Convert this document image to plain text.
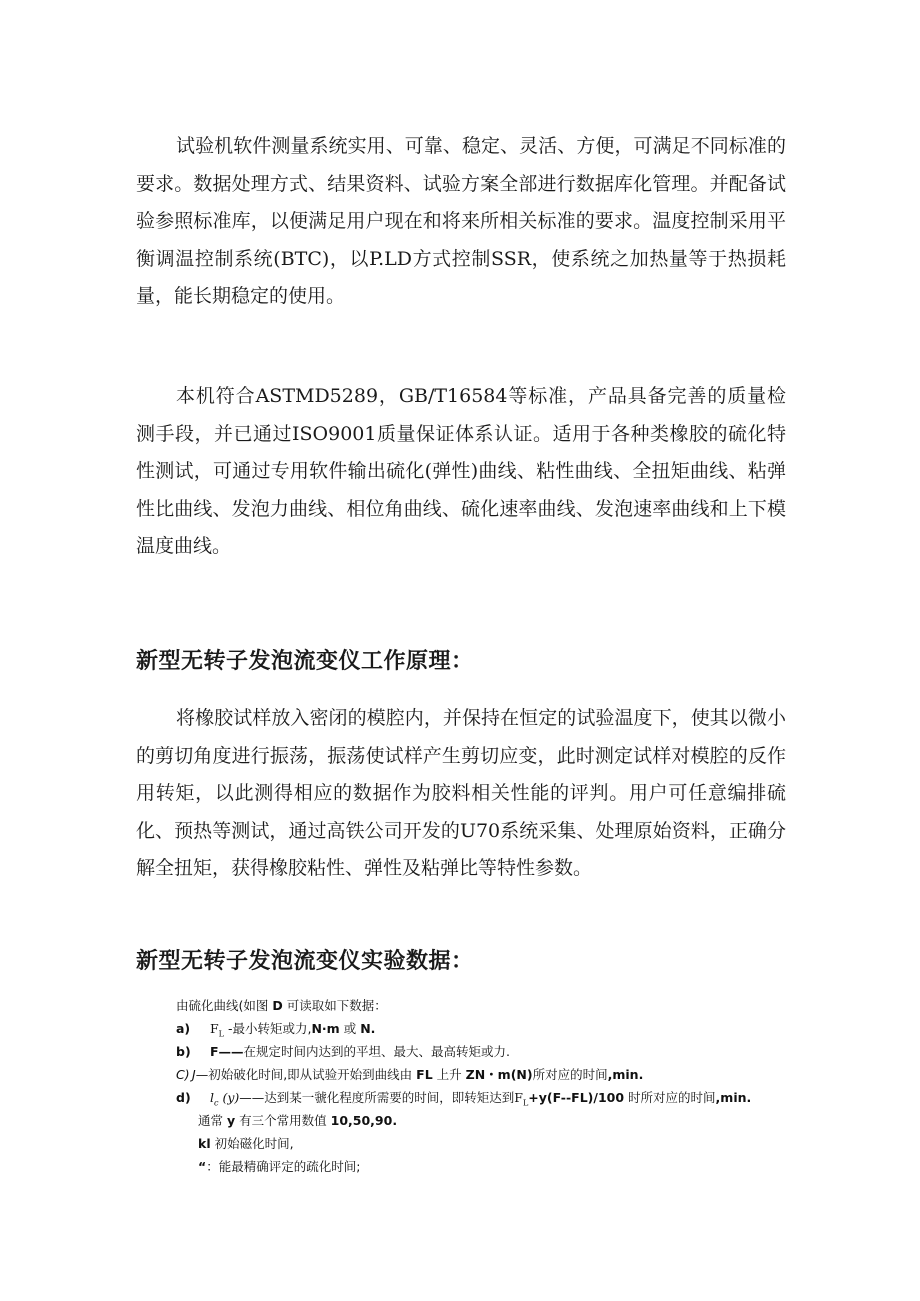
试验机软件测量系统实用、可靠、稳定、灵活、方便，可满足不同标准的要求。数据处理方式、结果资料、试验方案全部进行数据库化管理。并配备试验参照标准库，以便满足用户现在和将来所相关标准的要求。温度控制采用平衡调温控制系统(BTC)，以P.LD方式控制SSR，使系统之加热量等于热损耗量，能长期稳定的使用。

本机符合ASTMD5289，GB/T16584等标准，产品具备完善的质量检测手段，并已通过ISO9001质量保证体系认证。适用于各种类橡胶的硫化特性测试，可通过专用软件输出硫化(弹性)曲线、粘性曲线、全扭矩曲线、粘弹性比曲线、发泡力曲线、相位角曲线、硫化速率曲线、发泡速率曲线和上下模温度曲线。

新型无转子发泡流变仪工作原理：

将橡胶试样放入密闭的模腔内，并保持在恒定的试验温度下，使其以微小的剪切角度进行振荡，振荡使试样产生剪切应变，此时测定试样对模腔的反作用转矩，以此测得相应的数据作为胶料相关性能的评判。用户可任意编排硫化、预热等测试，通过高铁公司开发的U70系统采集、处理原始资料，正确分解全扭矩，获得橡胶粘性、弹性及粘弹比等特性参数。

新型无转子发泡流变仪实验数据：
由硫化曲线(如图 D 可读取如下数据：
a) $F_L$ -最小转矩或力,N·m 或 N.
b) F——在规定时间内达到的平坦、最大、最高转矩或力.
C) J—初始破化时间,即从试验开始到曲线由 FL 上升 ZN・m(N)所对应的时间,min.
d) $l_c$ (y)——达到某一虢化程度所需要的时间，即转矩达到$F_L+y(F--FL)/100$ 时所对应的时间,min.
通常 y 有三个常用数值 10,50,90.
kl 初始磁化时间,
“：能最精确评定的疏化时间;
